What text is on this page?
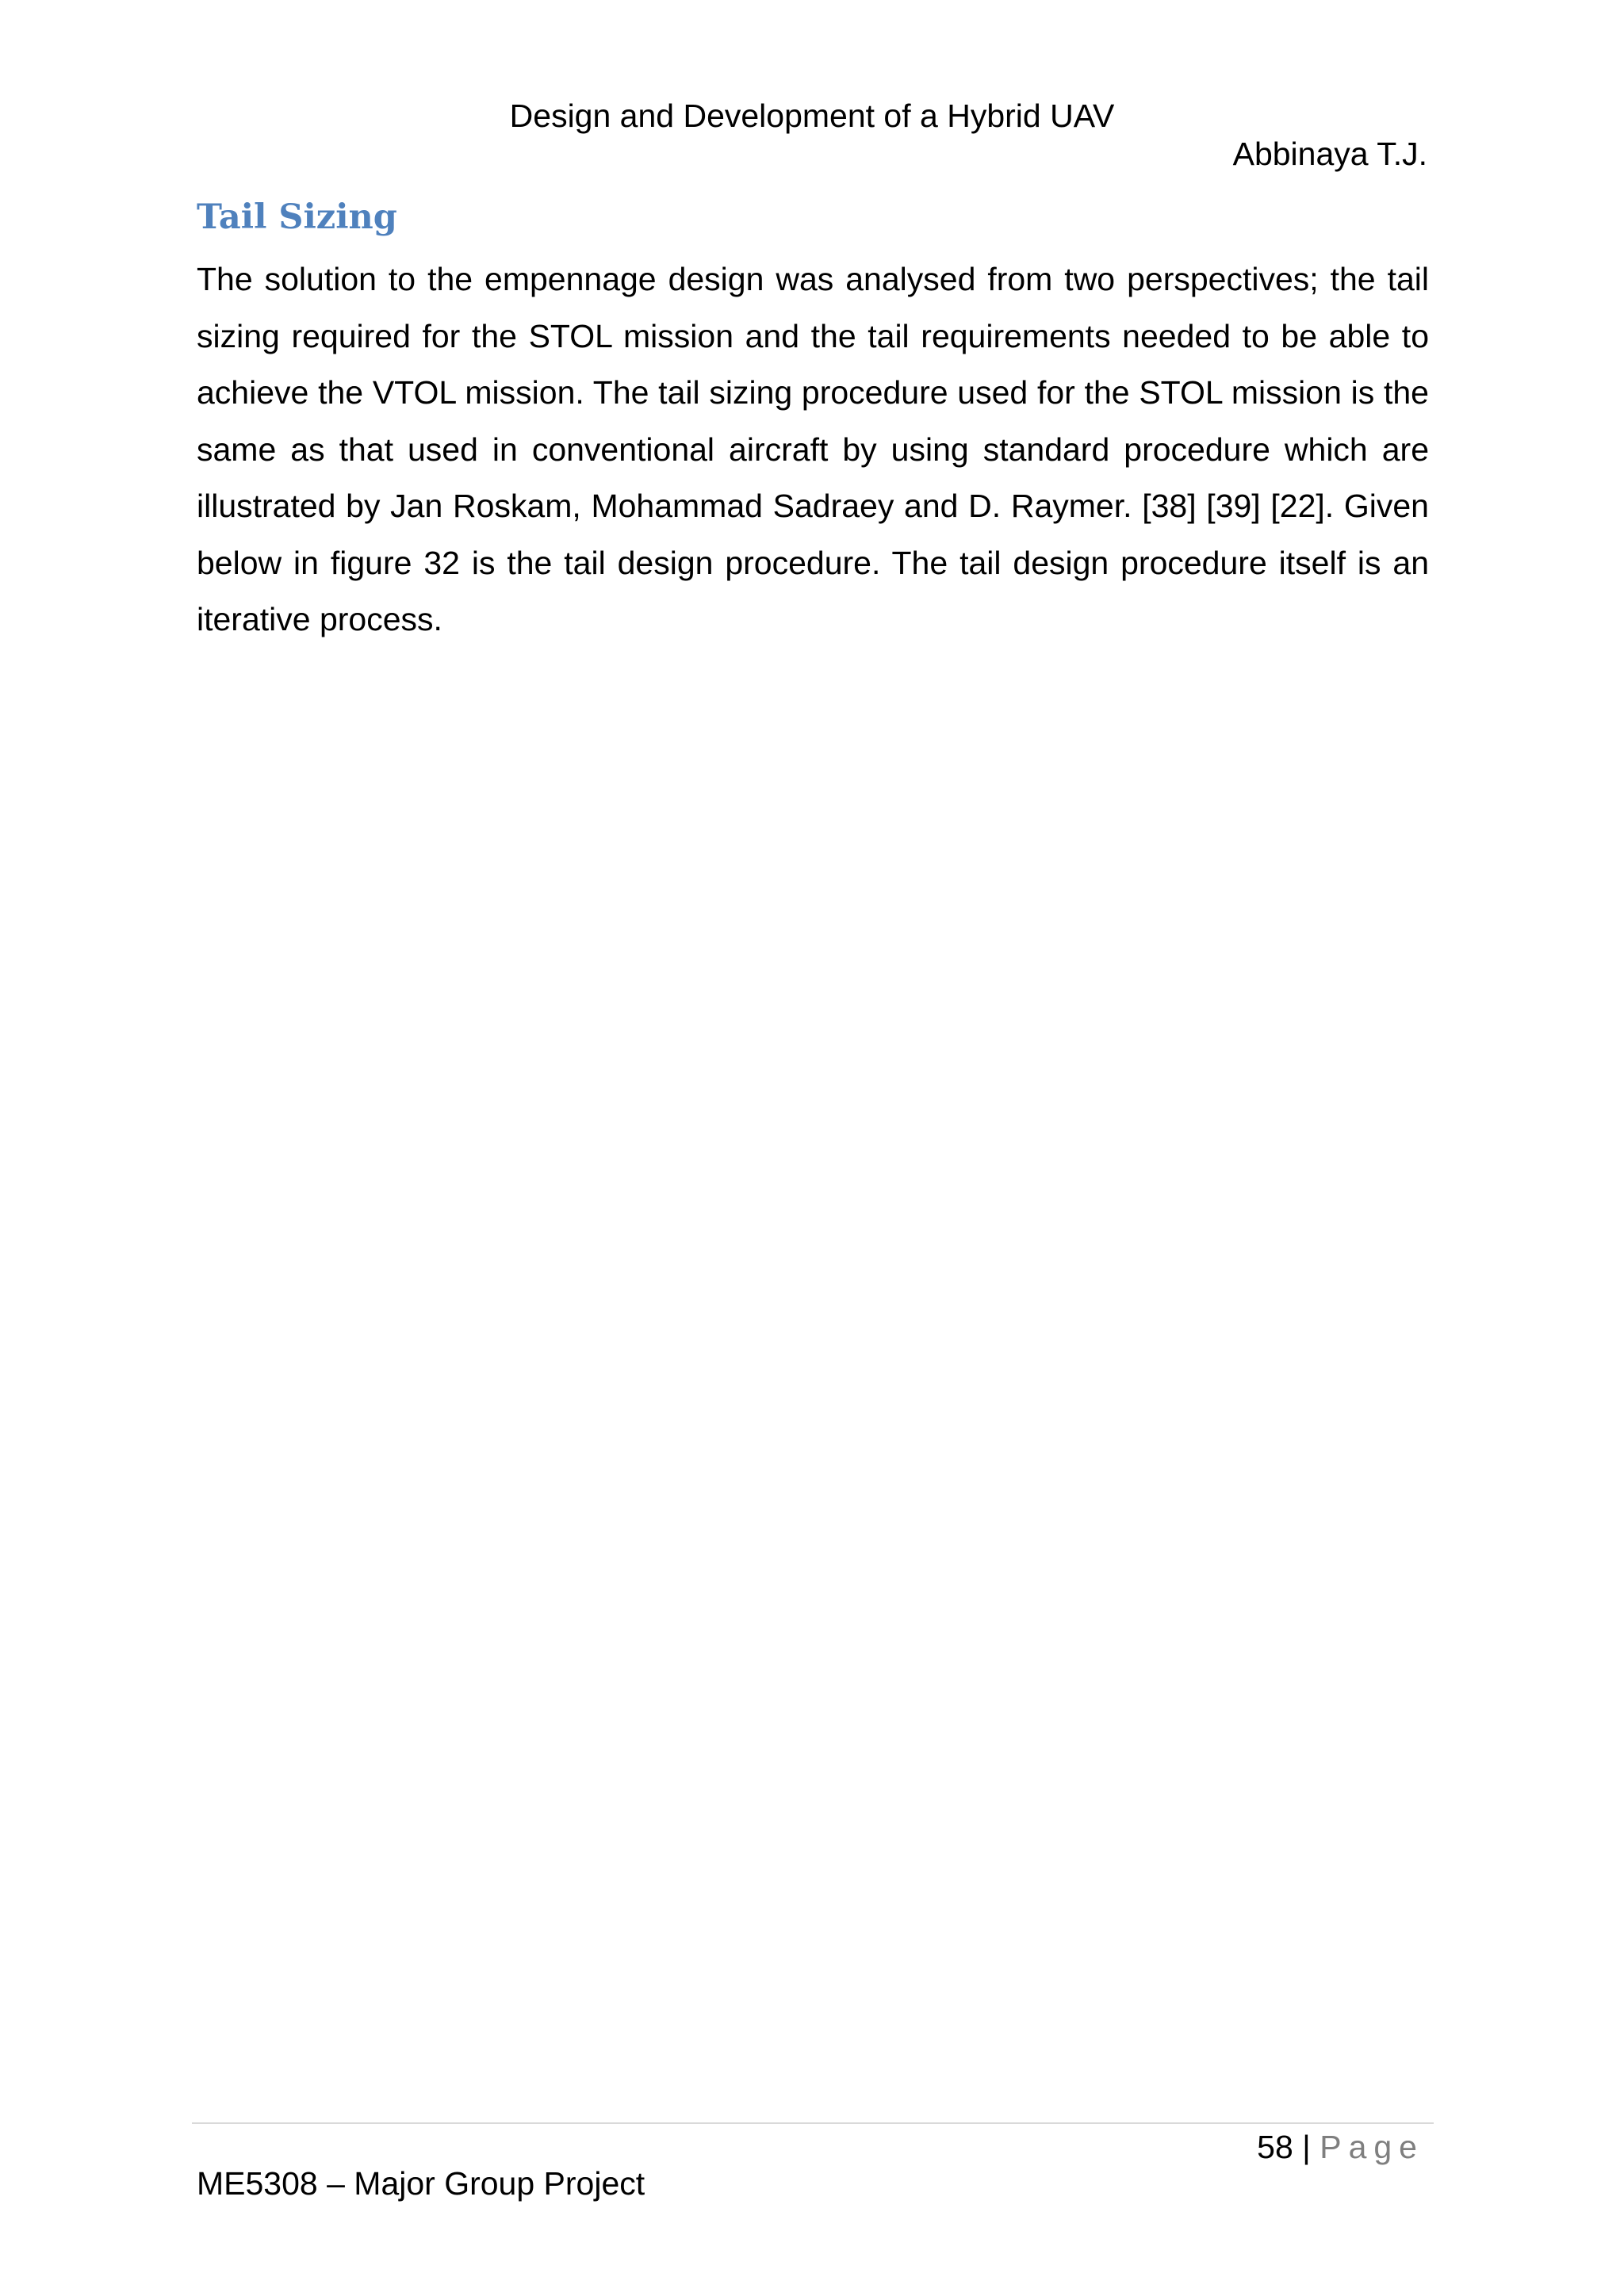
Design and Development of a Hybrid UAV
Abbinaya T.J.
Tail Sizing

The solution to the empennage design was analysed from two perspectives; the tail sizing required for the STOL mission and the tail requirements needed to be able to achieve the VTOL mission. The tail sizing procedure used for the STOL mission is the same as that used in conventional aircraft by using standard procedure which are illustrated by Jan Roskam, Mohammad Sadraey and D. Raymer. [38] [39] [22]. Given below in figure 32 is the tail design procedure. The tail design procedure itself is an iterative process.

58 | Page
ME5308 – Major Group Project
